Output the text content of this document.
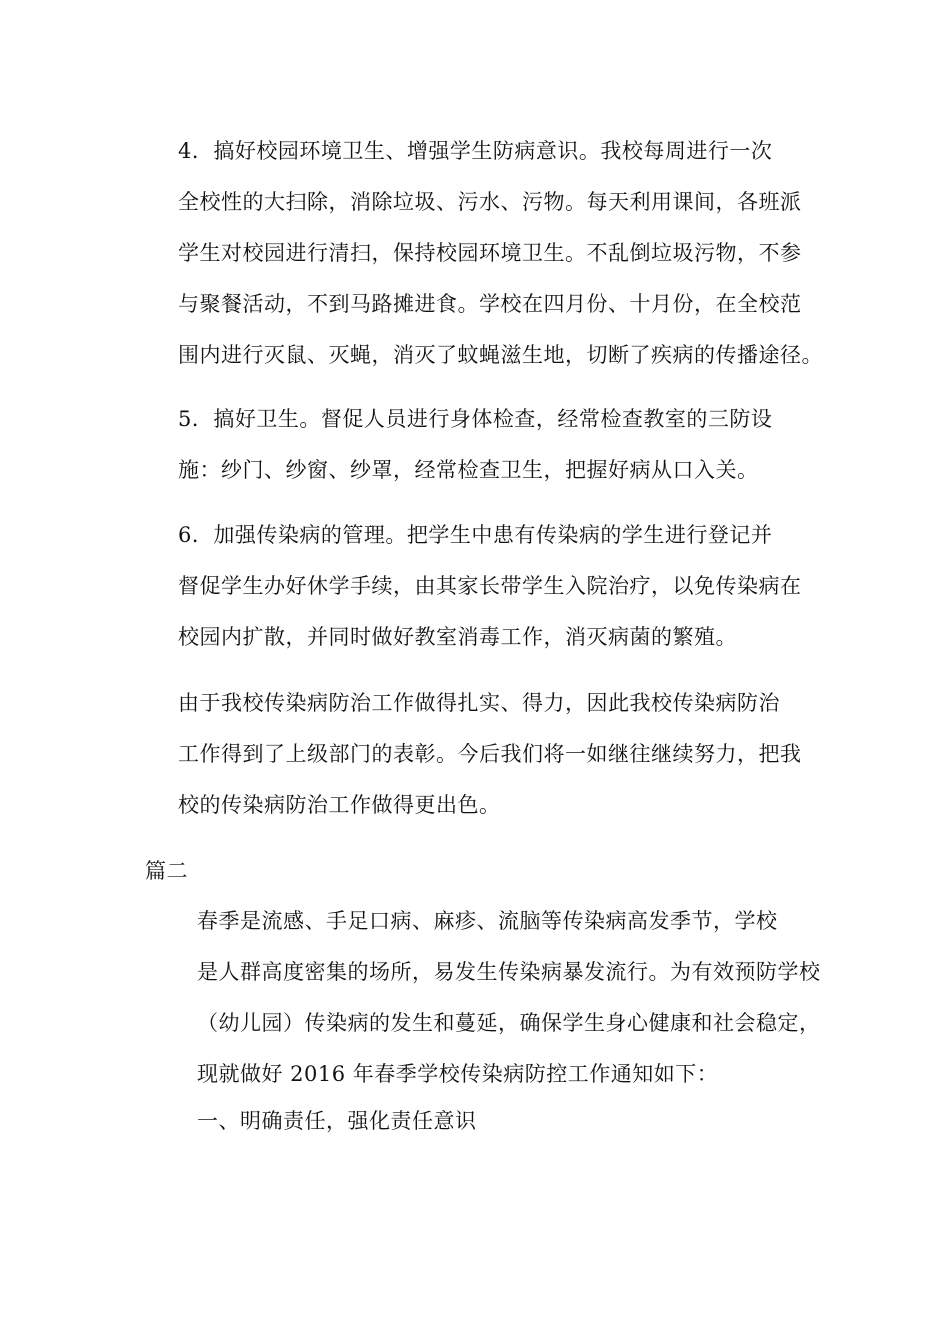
4．搞好校园环境卫生、增强学生防病意识。我校每周进行一次
全校性的大扫除，消除垃圾、污水、污物。每天利用课间，各班派
学生对校园进行清扫，保持校园环境卫生。不乱倒垃圾污物，不参
与聚餐活动，不到马路摊进食。学校在四月份、十月份，在全校范
围内进行灭鼠、灭蝇，消灭了蚊蝇滋生地，切断了疾病的传播途径。

5．搞好卫生。督促人员进行身体检查，经常检查教室的三防设
施：纱门、纱窗、纱罩，经常检查卫生，把握好病从口入关。

6．加强传染病的管理。把学生中患有传染病的学生进行登记并
督促学生办好休学手续，由其家长带学生入院治疗，以免传染病在
校园内扩散，并同时做好教室消毒工作，消灭病菌的繁殖。

由于我校传染病防治工作做得扎实、得力，因此我校传染病防治
工作得到了上级部门的表彰。今后我们将一如继往继续努力，把我
校的传染病防治工作做得更出色。

篇二

春季是流感、手足口病、麻疹、流脑等传染病高发季节，学校
是人群高度密集的场所，易发生传染病暴发流行。为有效预防学校
（幼儿园）传染病的发生和蔓延，确保学生身心健康和社会稳定，
现就做好 2016 年春季学校传染病防控工作通知如下：

一、明确责任，强化责任意识
